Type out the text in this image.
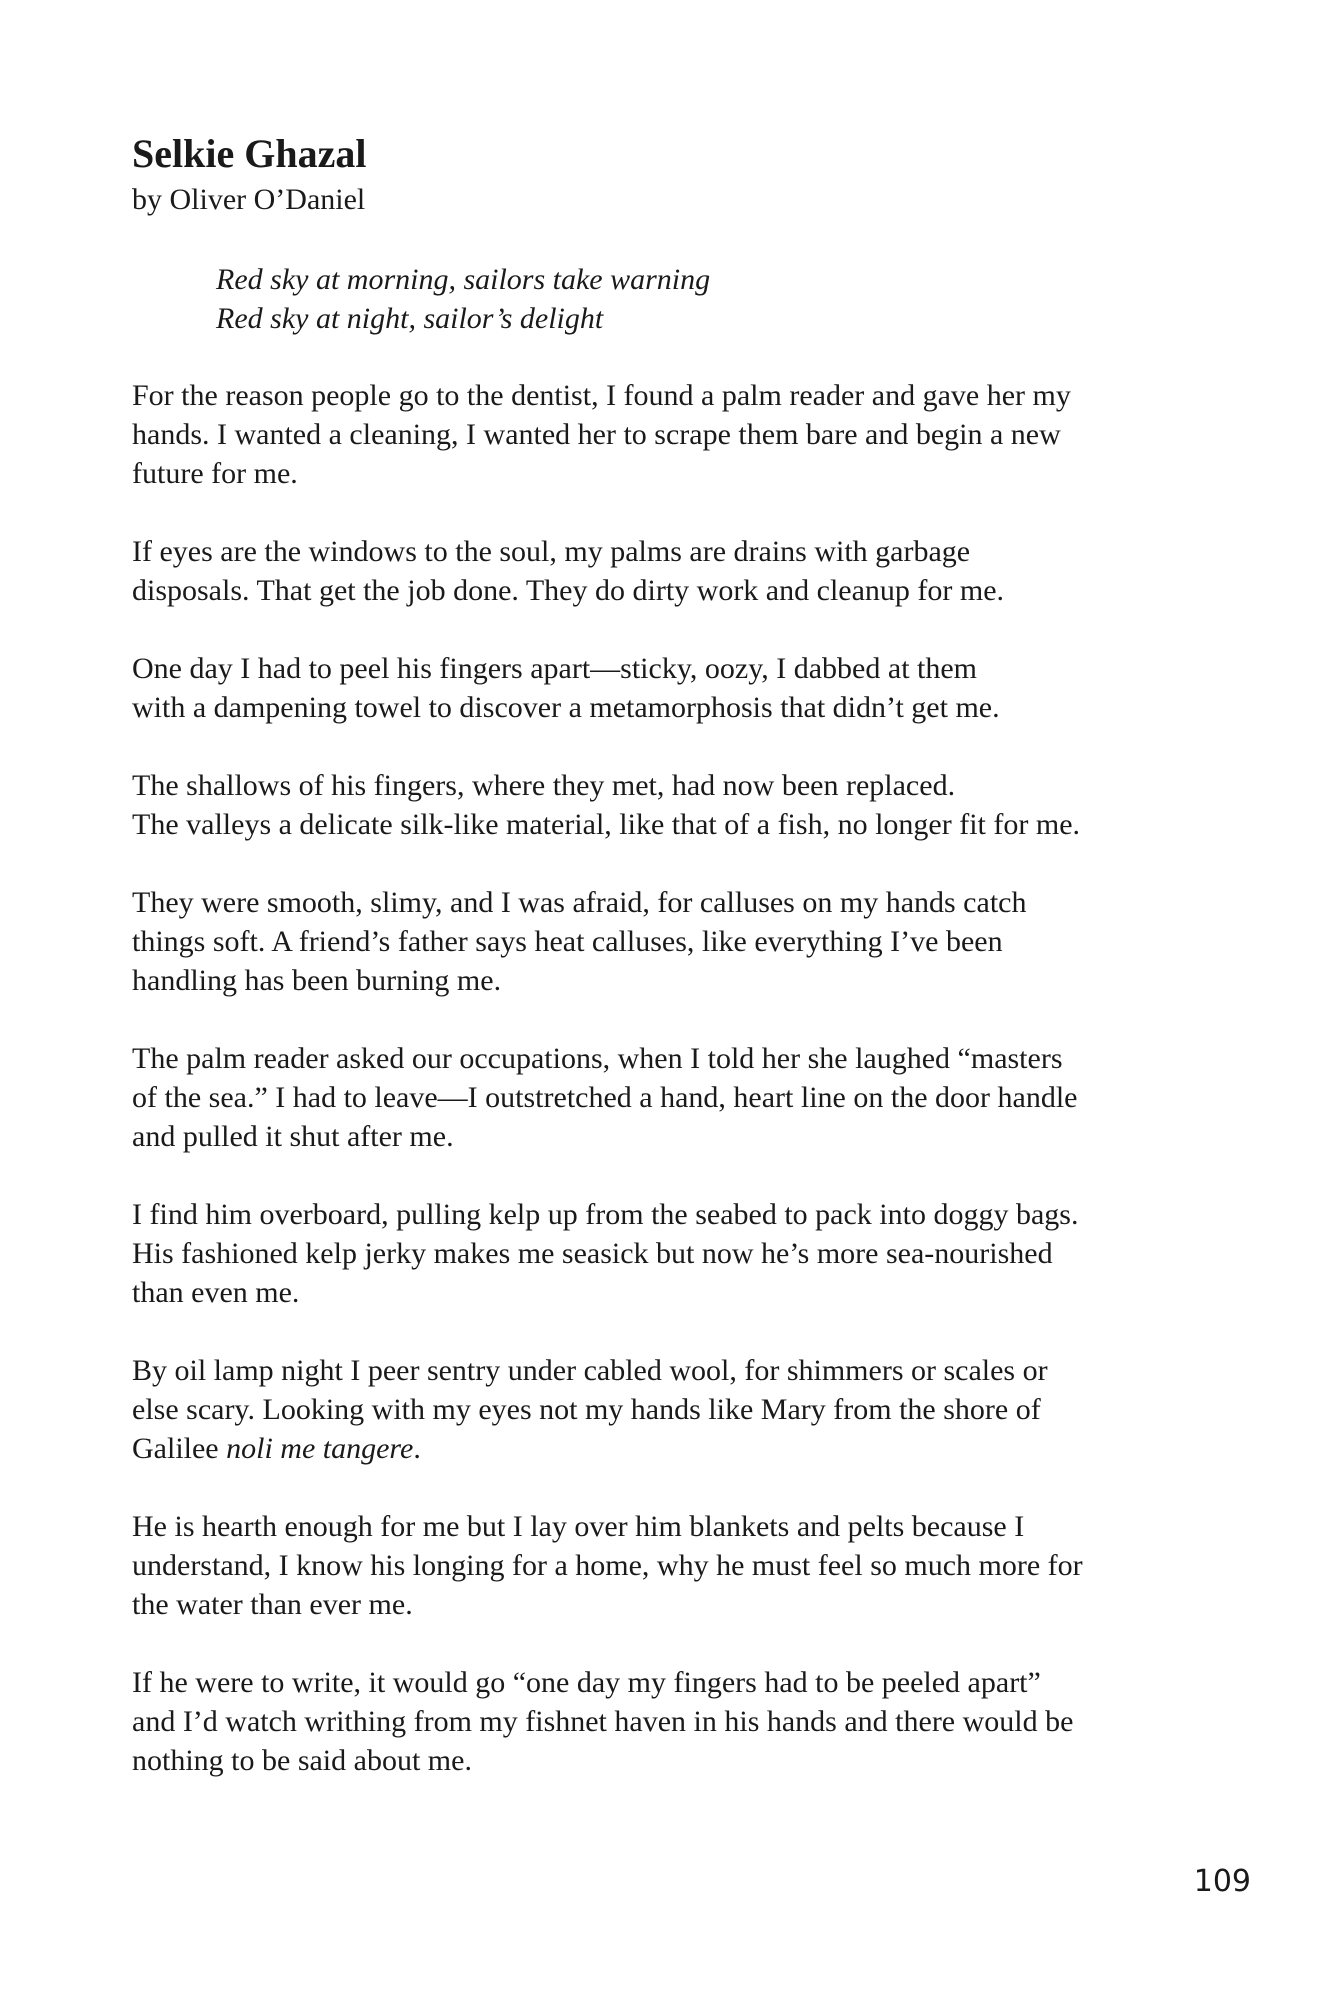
Selkie Ghazal

by Oliver O’Daniel

Red sky at morning, sailors take warning
Red sky at night, sailor’s delight
For the reason people go to the dentist, I found a palm reader and gave her my
hands. I wanted a cleaning, I wanted her to scrape them bare and begin a new
future for me.
If eyes are the windows to the soul, my palms are drains with garbage
disposals. That get the job done. They do dirty work and cleanup for me.
One day I had to peel his fingers apart—sticky, oozy, I dabbed at them
with a dampening towel to discover a metamorphosis that didn’t get me.
The shallows of his fingers, where they met, had now been replaced.
The valleys a delicate silk-like material, like that of a fish, no longer fit for me.
They were smooth, slimy, and I was afraid, for calluses on my hands catch
things soft. A friend’s father says heat calluses, like everything I’ve been
handling has been burning me.
The palm reader asked our occupations, when I told her she laughed “masters
of the sea.” I had to leave—I outstretched a hand, heart line on the door handle
and pulled it shut after me.
I find him overboard, pulling kelp up from the seabed to pack into doggy bags.
His fashioned kelp jerky makes me seasick but now he’s more sea-nourished
than even me.
By oil lamp night I peer sentry under cabled wool, for shimmers or scales or
else scary. Looking with my eyes not my hands like Mary from the shore of
Galilee noli me tangere.
He is hearth enough for me but I lay over him blankets and pelts because I
understand, I know his longing for a home, why he must feel so much more for
the water than ever me.
If he were to write, it would go “one day my fingers had to be peeled apart”
and I’d watch writhing from my fishnet haven in his hands and there would be
nothing to be said about me.
109
